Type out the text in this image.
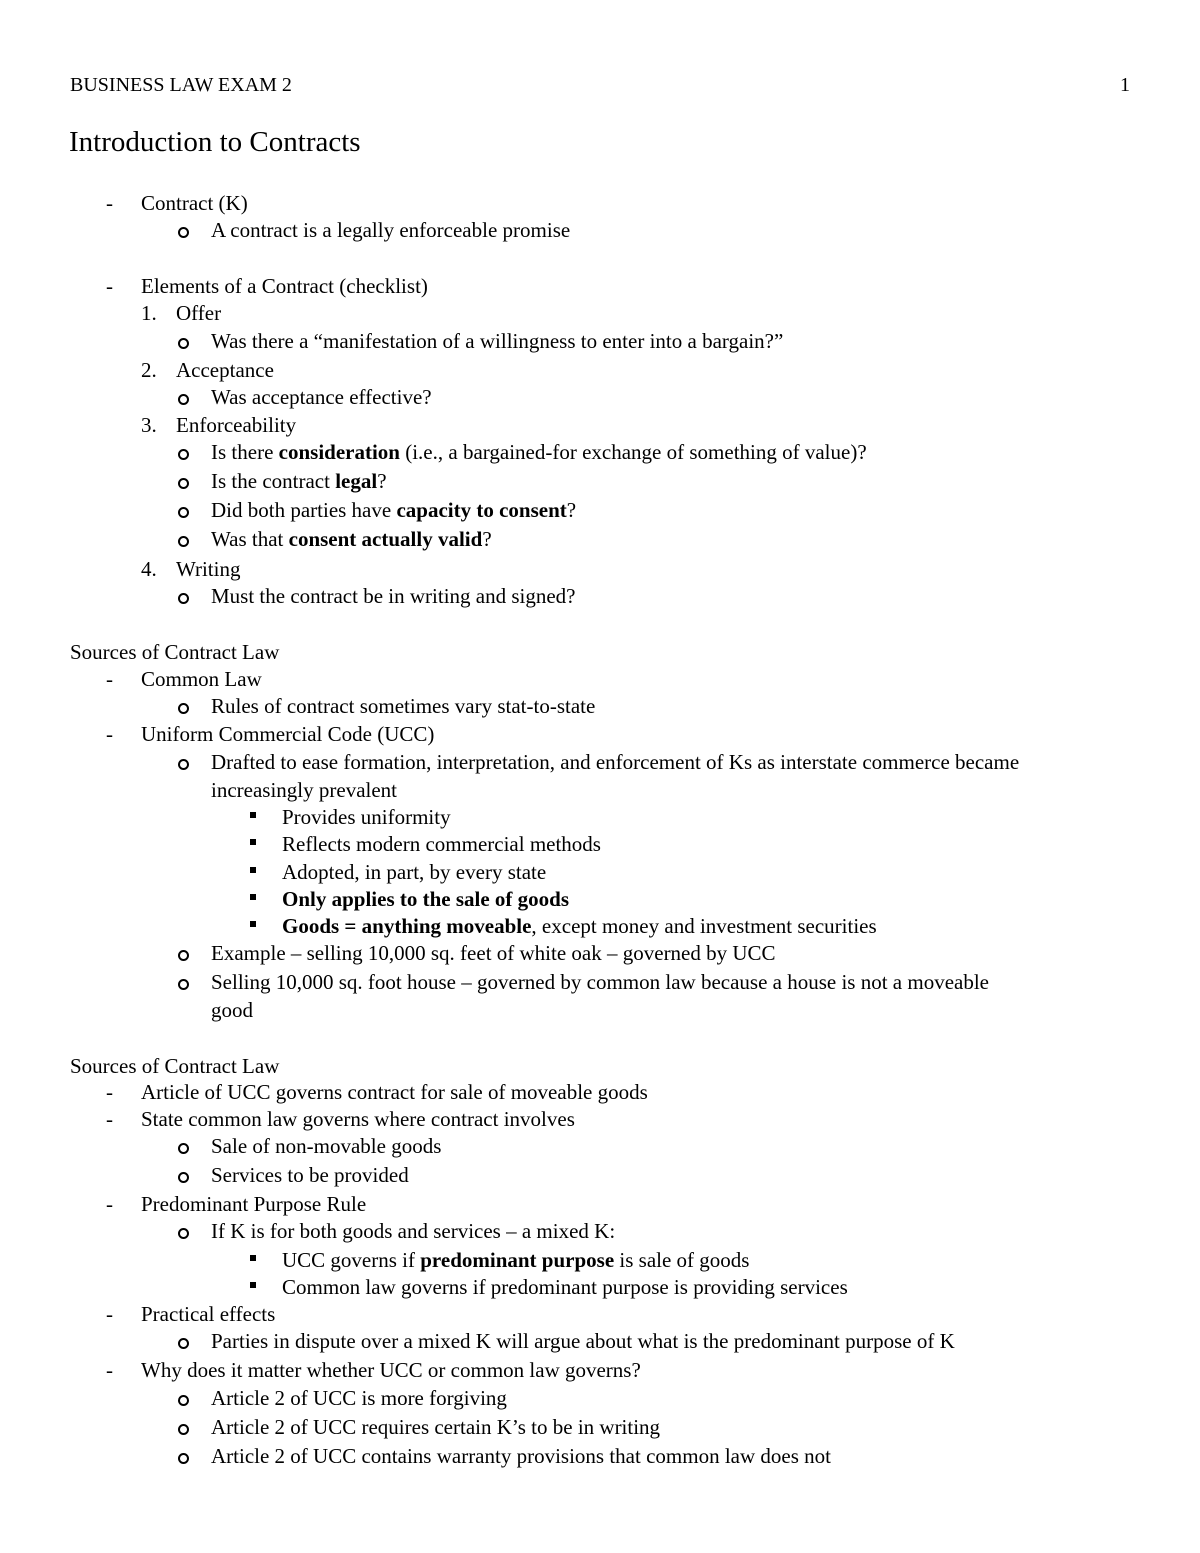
BUSINESS LAW EXAM 2	1
Introduction to Contracts
- Contract (K)
A contract is a legally enforceable promise
- Elements of a Contract (checklist)
1. Offer
Was there a “manifestation of a willingness to enter into a bargain?”
2. Acceptance
Was acceptance effective?
3. Enforceability
Is there consideration (i.e., a bargained-for exchange of something of value)?
Is the contract legal?
Did both parties have capacity to consent?
Was that consent actually valid?
4. Writing
Must the contract be in writing and signed?
Sources of Contract Law
- Common Law
Rules of contract sometimes vary stat-to-state
- Uniform Commercial Code (UCC)
Drafted to ease formation, interpretation, and enforcement of Ks as interstate commerce became
increasingly prevalent
Provides uniformity
Reflects modern commercial methods
Adopted, in part, by every state
Only applies to the sale of goods
Goods = anything moveable, except money and investment securities
Example – selling 10,000 sq. feet of white oak – governed by UCC
Selling 10,000 sq. foot house – governed by common law because a house is not a moveable
good
Sources of Contract Law
- Article of UCC governs contract for sale of moveable goods
- State common law governs where contract involves
Sale of non-movable goods
Services to be provided
- Predominant Purpose Rule
If K is for both goods and services – a mixed K:
UCC governs if predominant purpose is sale of goods
Common law governs if predominant purpose is providing services
- Practical effects
Parties in dispute over a mixed K will argue about what is the predominant purpose of K
- Why does it matter whether UCC or common law governs?
Article 2 of UCC is more forgiving
Article 2 of UCC requires certain K’s to be in writing
Article 2 of UCC contains warranty provisions that common law does not
